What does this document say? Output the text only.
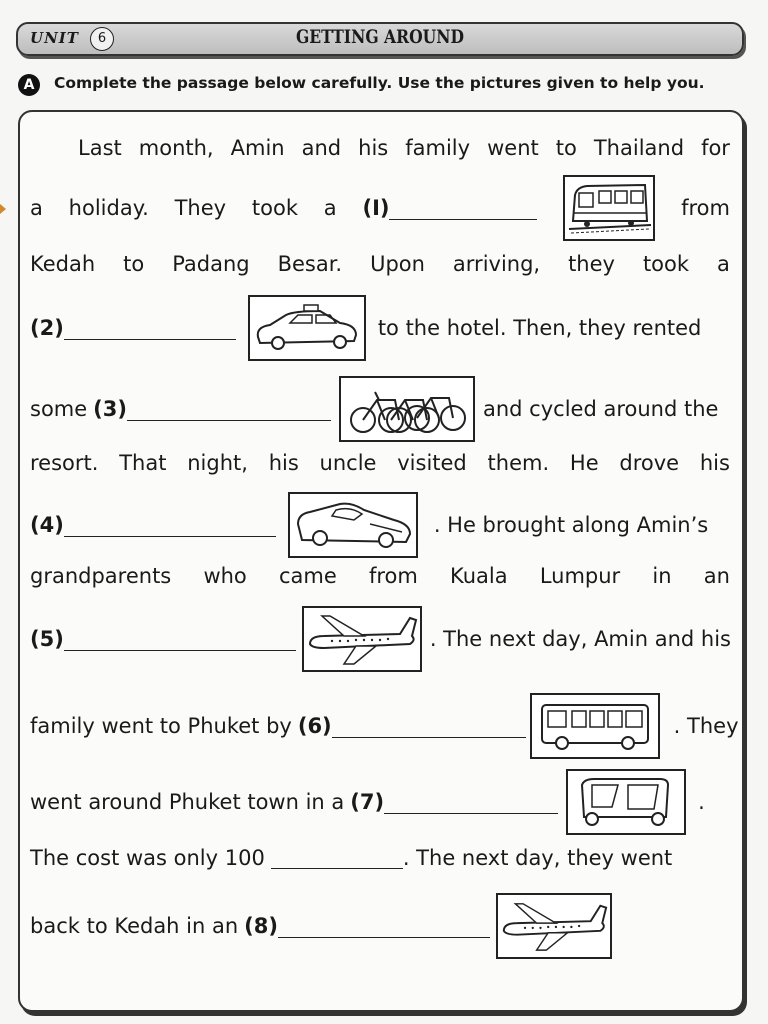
UNIT	6	GETTING AROUND
A	Complete the passage below carefully. Use the pictures given to help you.
Last month, Amin and his family went to Thailand for
a holiday. They took a (I)	from
Kedah to Padang Besar. Upon arriving, they took a
(2)	to the hotel. Then, they rented
some (3)	and cycled around the
resort. That night, his uncle visited them. He drove his
(4)	. He brought along Amin’s
grandparents who came from Kuala Lumpur in an
(5)	. The next day, Amin and his
family went to Phuket by (6)	. They
went around Phuket town in a (7)	.
The cost was only 100	. The next day, they went
back to Kedah in an (8)
